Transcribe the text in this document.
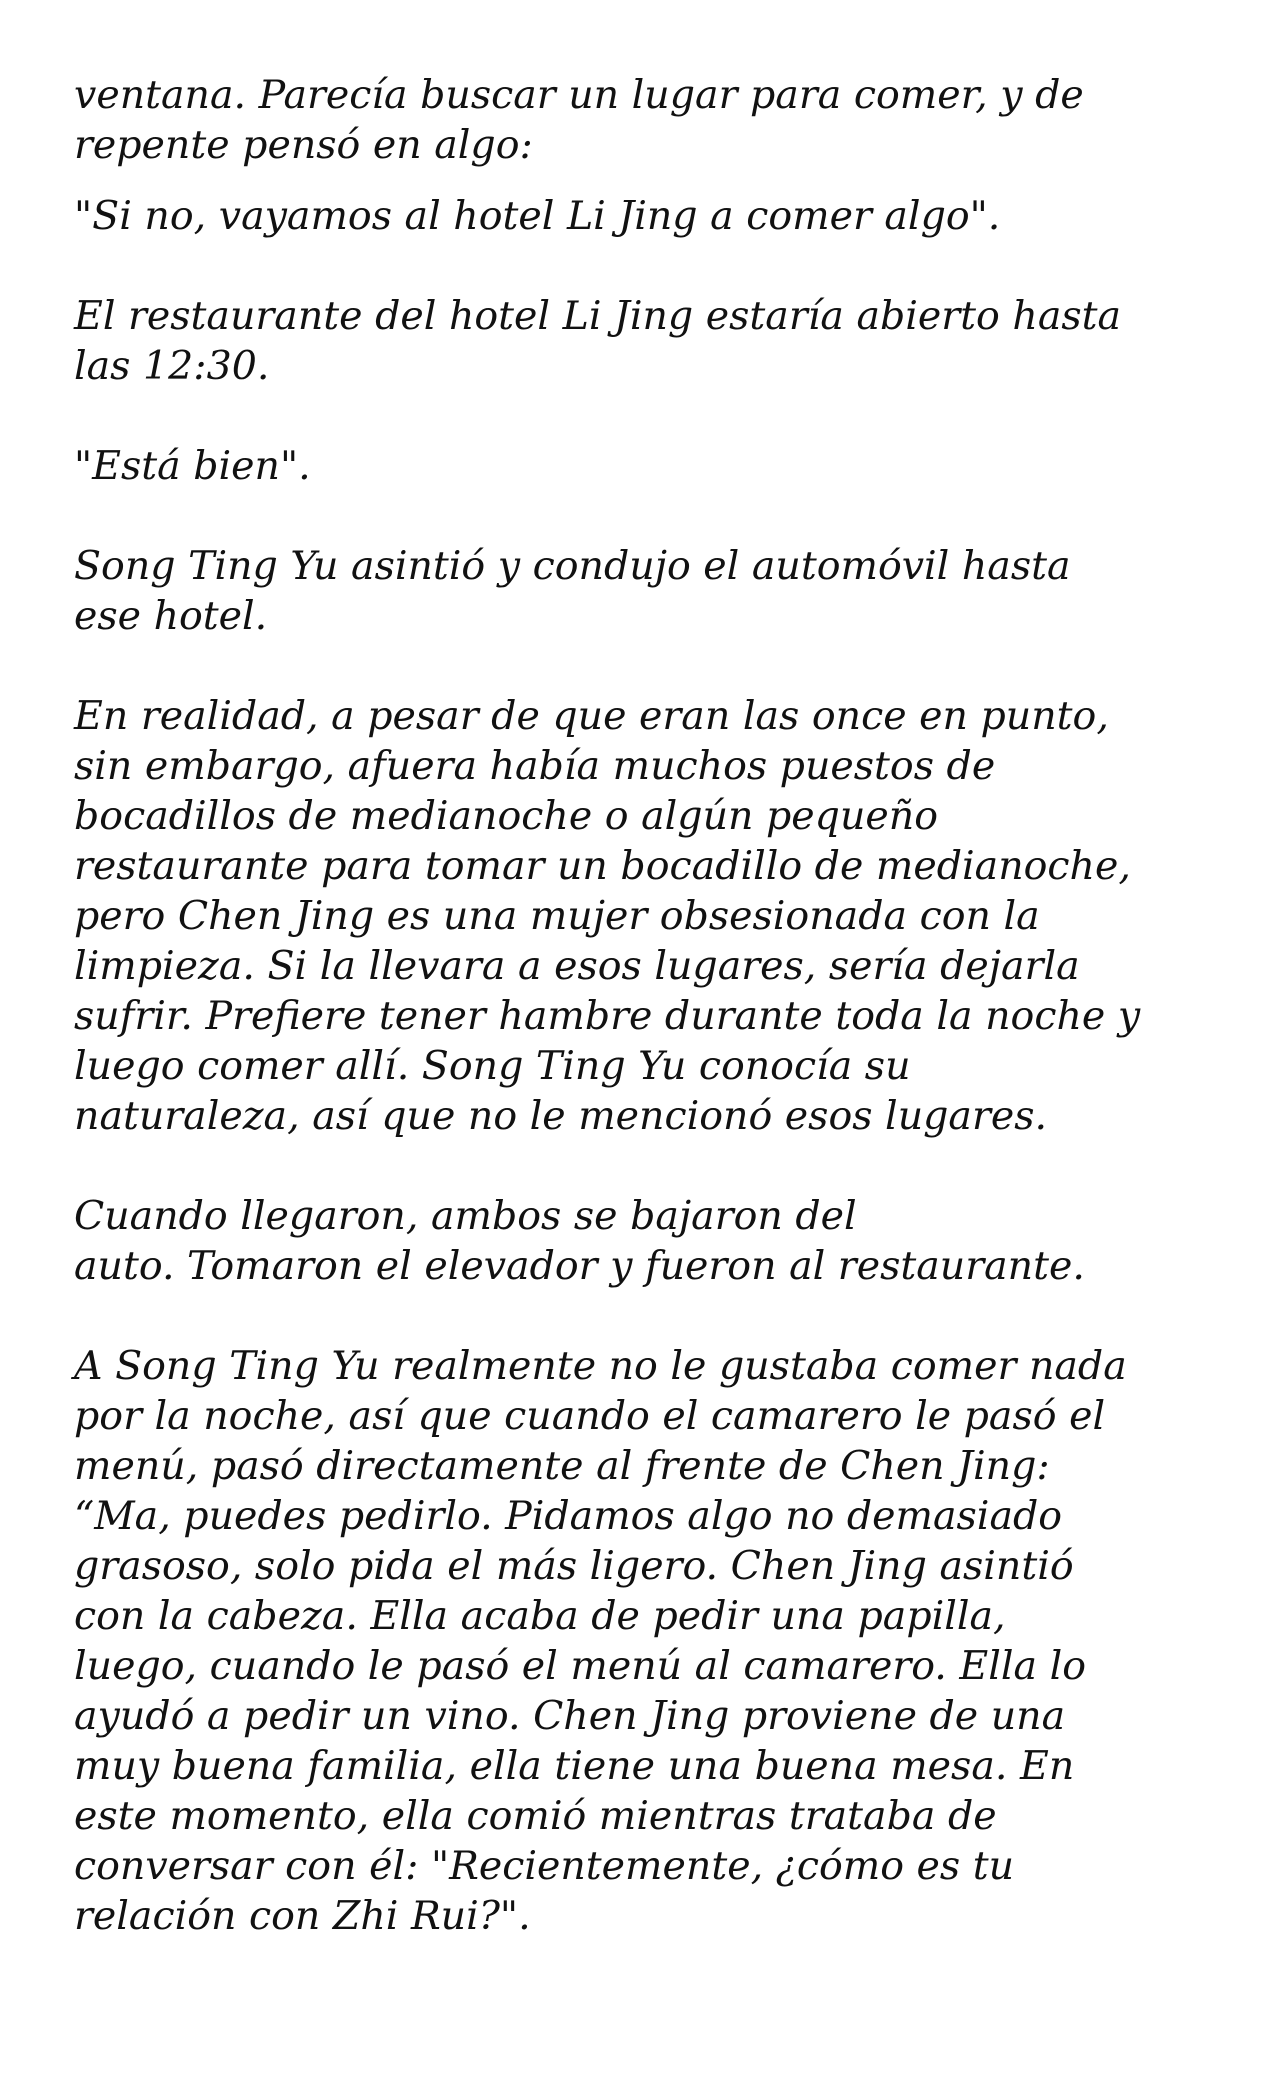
ventana. Parecía buscar un lugar para comer, y de
repente pensó en algo:
"Si no, vayamos al hotel Li Jing a comer algo".
El restaurante del hotel Li Jing estaría abierto hasta
las 12:30.
"Está bien".
Song Ting Yu asintió y condujo el automóvil hasta
ese hotel.
En realidad, a pesar de que eran las once en punto,
sin embargo, afuera había muchos puestos de
bocadillos de medianoche o algún pequeño
restaurante para tomar un bocadillo de medianoche,
pero Chen Jing es una mujer obsesionada con la
limpieza. Si la llevara a esos lugares, sería dejarla
sufrir. Prefiere tener hambre durante toda la noche y
luego comer allí. Song Ting Yu conocía su
naturaleza, así que no le mencionó esos lugares.
Cuando llegaron, ambos se bajaron del
auto. Tomaron el elevador y fueron al restaurante.
A Song Ting Yu realmente no le gustaba comer nada
por la noche, así que cuando el camarero le pasó el
menú, pasó directamente al frente de Chen Jing:
“Ma, puedes pedirlo. Pidamos algo no demasiado
grasoso, solo pida el más ligero. Chen Jing asintió
con la cabeza. Ella acaba de pedir una papilla,
luego, cuando le pasó el menú al camarero. Ella lo
ayudó a pedir un vino. Chen Jing proviene de una
muy buena familia, ella tiene una buena mesa. En
este momento, ella comió mientras trataba de
conversar con él: "Recientemente, ¿cómo es tu
relación con Zhi Rui?".
